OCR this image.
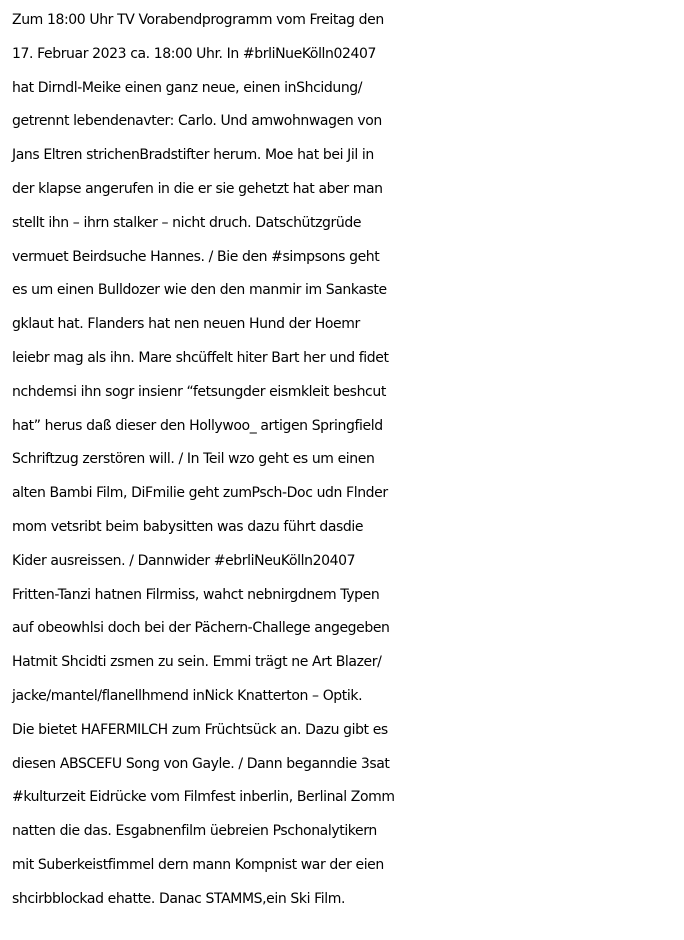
Zum 18:00 Uhr TV Vorabendprogramm vom Freitag den
17. Februar 2023 ca. 18:00 Uhr. In #brliNueKölln02407
hat Dirndl-Meike einen ganz neue, einen inShcidung/
getrennt lebendenavter: Carlo. Und amwohnwagen von
Jans Eltren strichenBradstifter herum. Moe hat bei Jil in
der klapse angerufen in die er sie gehetzt hat aber man
stellt ihn – ihrn stalker – nicht druch. Datschützgrüde
vermuet Beirdsuche Hannes. / Bie den #simpsons geht
es um einen Bulldozer wie den den manmir im Sankaste
gklaut hat. Flanders hat nen neuen Hund der Hoemr
leiebr mag als ihn. Mare shcüffelt hiter Bart her und fidet
nchdemsi ihn sogr insienr “fetsungder eismkleit beshcut
hat” herus daß dieser den Hollywoo_ artigen Springfield
Schriftzug zerstören will. / In Teil wzo geht es um einen
alten Bambi Film, DiFmilie geht zumPsch-Doc udn Flnder
mom vetsribt beim babysitten was dazu führt dasdie
Kider ausreissen. / Dannwider #ebrliNeuKölln20407
Fritten-Tanzi hatnen Filrmiss, wahct nebnirgdnem Typen
auf obeowhlsi doch bei der Pächern-Challege angegeben
Hatmit Shcidti zsmen zu sein. Emmi trägt ne Art Blazer/
jacke/mantel/flanellhmend inNick Knatterton – Optik.
Die bietet HAFERMILCH zum Früchtsück an. Dazu gibt es
diesen ABSCEFU Song von Gayle. / Dann beganndie 3sat
#kulturzeit Eidrücke vom Filmfest inberlin, Berlinal Zomm
natten die das. Esgabnenfilm üebreien Pschonalytikern
mit Suberkeistfimmel dern mann Kompnist war der eien
shcirbblockad ehatte. Danac STAMMS,ein Ski Film.
